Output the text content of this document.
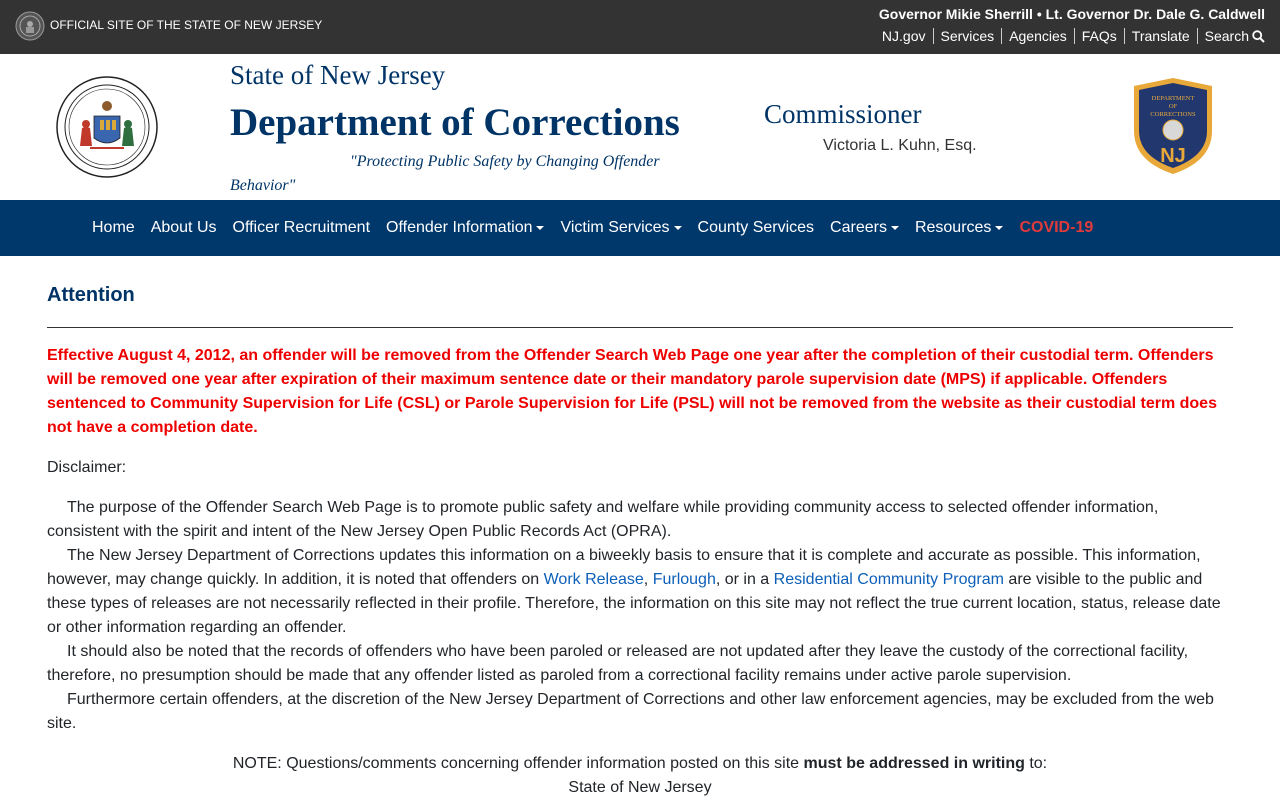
OFFICIAL SITE OF THE STATE OF NEW JERSEY
Governor Mikie Sherrill • Lt. Governor Dr. Dale G. Caldwell
NJ.gov	Services	Agencies	FAQs	Translate	Search
State of New Jersey
Department of Corrections
"Protecting Public Safety by Changing Offender Behavior"
Commissioner
Victoria L. Kuhn, Esq.
DEPARTMENT
OF
CORRECTIONS
NJ
Home About Us Officer Recruitment Offender Information Victim Services County Services Careers Resources COVID-19
Attention
Effective August 4, 2012, an offender will be removed from the Offender Search Web Page one year after the completion of their custodial term. Offenders will be removed one year after expiration of their maximum sentence date or their mandatory parole supervision date (MPS) if applicable. Offenders sentenced to Community Supervision for Life (CSL) or Parole Supervision for Life (PSL) will not be removed from the website as their custodial term does not have a completion date.
Disclaimer:

The purpose of the Offender Search Web Page is to promote public safety and welfare while providing community access to selected offender information, consistent with the spirit and intent of the New Jersey Open Public Records Act (OPRA).

The New Jersey Department of Corrections updates this information on a biweekly basis to ensure that it is complete and accurate as possible. This information, however, may change quickly. In addition, it is noted that offenders on Work Release, Furlough, or in a Residential Community Program are visible to the public and these types of releases are not necessarily reflected in their profile. Therefore, the information on this site may not reflect the true current location, status, release date or other information regarding an offender.

It should also be noted that the records of offenders who have been paroled or released are not updated after they leave the custody of the correctional facility, therefore, no presumption should be made that any offender listed as paroled from a correctional facility remains under active parole supervision.

Furthermore certain offenders, at the discretion of the New Jersey Department of Corrections and other law enforcement agencies, may be excluded from the web site.

NOTE: Questions/comments concerning offender information posted on this site must be addressed in writing to:
State of New Jersey
